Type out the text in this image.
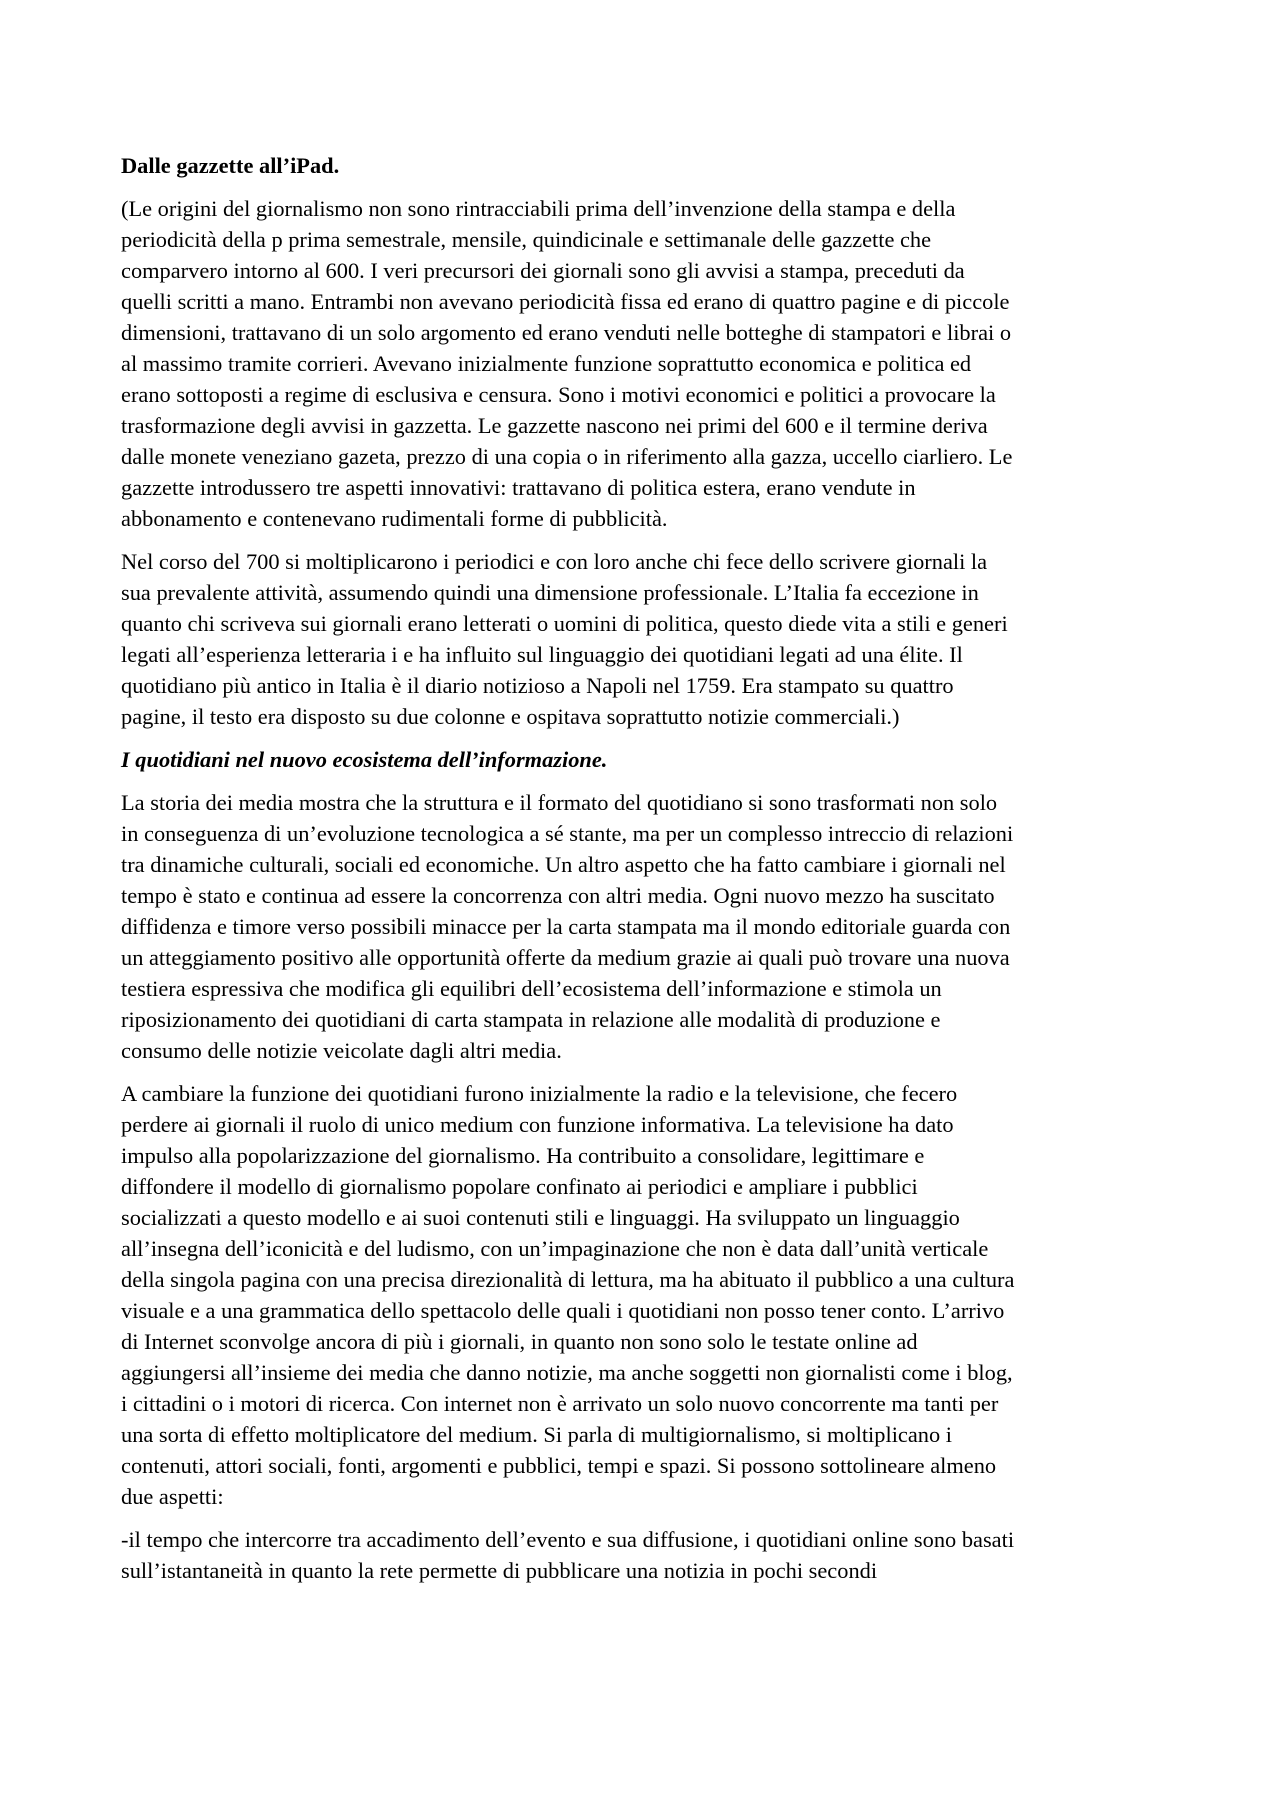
Dalle gazzette all’iPad.

(Le origini del giornalismo non sono rintracciabili prima dell’invenzione della stampa e della
periodicità della p prima semestrale, mensile, quindicinale e settimanale delle gazzette che
comparvero intorno al 600. I veri precursori dei giornali sono gli avvisi a stampa, preceduti da
quelli scritti a mano. Entrambi non avevano periodicità fissa ed erano di quattro pagine e di piccole
dimensioni, trattavano di un solo argomento ed erano venduti nelle botteghe di stampatori e librai o
al massimo tramite corrieri. Avevano inizialmente funzione soprattutto economica e politica ed
erano sottoposti a regime di esclusiva e censura. Sono i motivi economici e politici a provocare la
trasformazione degli avvisi in gazzetta. Le gazzette nascono nei primi del 600 e il termine deriva
dalle monete veneziano gazeta, prezzo di una copia o in riferimento alla gazza, uccello ciarliero. Le
gazzette introdussero tre aspetti innovativi: trattavano di politica estera, erano vendute in
abbonamento e contenevano rudimentali forme di pubblicità.

Nel corso del 700 si moltiplicarono i periodici e con loro anche chi fece dello scrivere giornali la
sua prevalente attività, assumendo quindi una dimensione professionale. L’Italia fa eccezione in
quanto chi scriveva sui giornali erano letterati o uomini di politica, questo diede vita a stili e generi
legati all’esperienza letteraria i e ha influito sul linguaggio dei quotidiani legati ad una élite. Il
quotidiano più antico in Italia è il diario notizioso a Napoli nel 1759. Era stampato su quattro
pagine, il testo era disposto su due colonne e ospitava soprattutto notizie commerciali.)

I quotidiani nel nuovo ecosistema dell’informazione.

La storia dei media mostra che la struttura e il formato del quotidiano si sono trasformati non solo
in conseguenza di un’evoluzione tecnologica a sé stante, ma per un complesso intreccio di relazioni
tra dinamiche culturali, sociali ed economiche. Un altro aspetto che ha fatto cambiare i giornali nel
tempo è stato e continua ad essere la concorrenza con altri media. Ogni nuovo mezzo ha suscitato
diffidenza e timore verso possibili minacce per la carta stampata ma il mondo editoriale guarda con
un atteggiamento positivo alle opportunità offerte da medium grazie ai quali può trovare una nuova
testiera espressiva che modifica gli equilibri dell’ecosistema dell’informazione e stimola un
riposizionamento dei quotidiani di carta stampata in relazione alle modalità di produzione e
consumo delle notizie veicolate dagli altri media.

A cambiare la funzione dei quotidiani furono inizialmente la radio e la televisione, che fecero
perdere ai giornali il ruolo di unico medium con funzione informativa. La televisione ha dato
impulso alla popolarizzazione del giornalismo. Ha contribuito a consolidare, legittimare e
diffondere il modello di giornalismo popolare confinato ai periodici e ampliare i pubblici
socializzati a questo modello e ai suoi contenuti stili e linguaggi. Ha sviluppato un linguaggio
all’insegna dell’iconicità e del ludismo, con un’impaginazione che non è data dall’unità verticale
della singola pagina con una precisa direzionalità di lettura, ma ha abituato il pubblico a una cultura
visuale e a una grammatica dello spettacolo delle quali i quotidiani non posso tener conto. L’arrivo
di Internet sconvolge ancora di più i giornali, in quanto non sono solo le testate online ad
aggiungersi all’insieme dei media che danno notizie, ma anche soggetti non giornalisti come i blog,
i cittadini o i motori di ricerca. Con internet non è arrivato un solo nuovo concorrente ma tanti per
una sorta di effetto moltiplicatore del medium. Si parla di multigiornalismo, si moltiplicano i
contenuti, attori sociali, fonti, argomenti e pubblici, tempi e spazi. Si possono sottolineare almeno
due aspetti:

-il tempo che intercorre tra accadimento dell’evento e sua diffusione, i quotidiani online sono basati
sull’istantaneità in quanto la rete permette di pubblicare una notizia in pochi secondi
